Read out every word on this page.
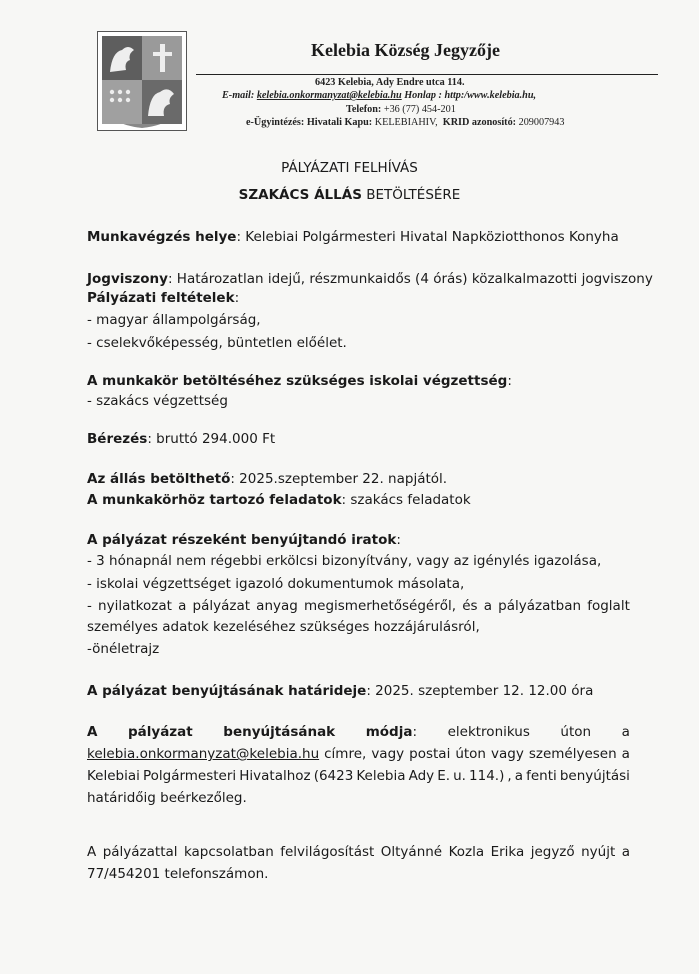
Kelebia Község Jegyzője
6423 Kelebia, Ady Endre utca 114.
E-mail: kelebia.onkormanyzat@kelebia.hu Honlap : http:/www.kelebia.hu,
Telefon: +36 (77) 454-201
e-Ügyintézés: Hivatali Kapu: KELEBIAHIV, KRID azonosító: 209007943
PÁLYÁZATI FELHÍVÁS
SZAKÁCS ÁLLÁS BETÖLTÉSÉRE
Munkavégzés helye: Kelebiai Polgármesteri Hivatal Napköziotthonos Konyha
Jogviszony: Határozatlan idejű, részmunkaidős (4 órás) közalkalmazotti jogviszony
Pályázati feltételek:
- magyar állampolgárság,
- cselekvőképesség, büntetlen előélet.
A munkakör betöltéséhez szükséges iskolai végzettség:
- szakács végzettség
Bérezés: bruttó 294.000 Ft
Az állás betölthető: 2025.szeptember 22. napjától.
A munkakörhöz tartozó feladatok: szakács feladatok
A pályázat részeként benyújtandó iratok:
- 3 hónapnál nem régebbi erkölcsi bizonyítvány, vagy az igénylés igazolása,
- iskolai végzettséget igazoló dokumentumok másolata,
- nyilatkozat a pályázat anyag megismerhetőségéről, és a pályázatban foglalt
személyes adatok kezeléséhez szükséges hozzájárulásról,
-önéletrajz
A pályázat benyújtásának határideje: 2025. szeptember 12. 12.00 óra
A pályázat benyújtásának módja : elektronikus úton a
kelebia.onkormanyzat@kelebia.hu címre, vagy postai úton vagy személyesen a
Kelebiai Polgármesteri Hivatalhoz (6423 Kelebia Ady E. u. 114.) , a fenti benyújtási
határidőig beérkezőleg.
A pályázattal kapcsolatban felvilágosítást Oltyánné Kozla Erika jegyző nyújt a
77/454201 telefonszámon.
